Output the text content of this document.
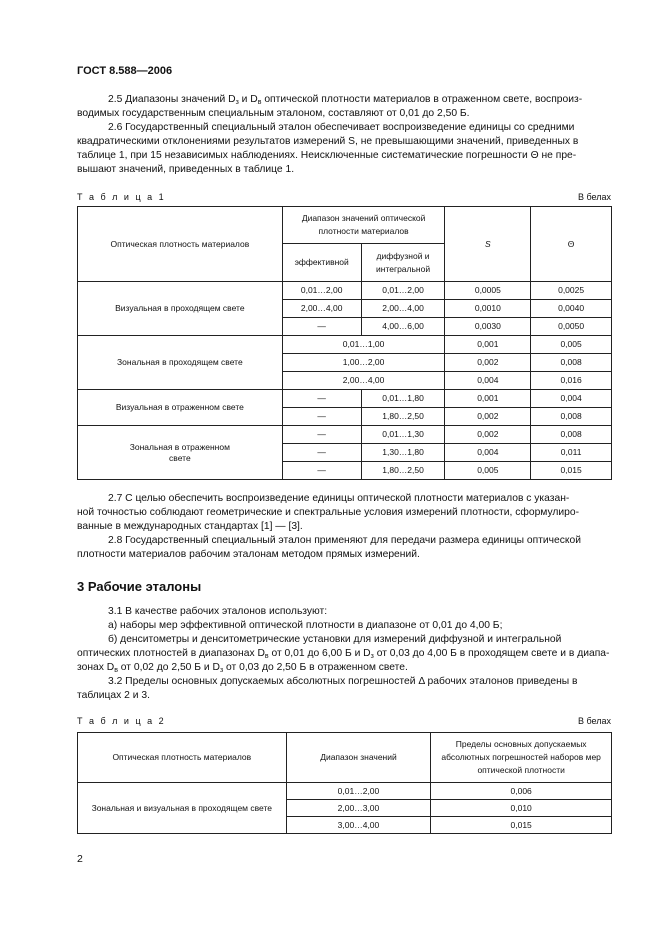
ГОСТ 8.588—2006

2.5 Диапазоны значений $D_з$ и $D_в$ оптической плотности материалов в отраженном свете, воспроиз-

водимых государственным специальным эталоном, составляют от 0,01 до 2,50 Б.

2.6 Государственный специальный эталон обеспечивает воспроизведение единицы со средними

квадратическими отклонениями результатов измерений S, не превышающими значений, приведенных в

таблице 1, при 15 независимых наблюдениях. Неисключенные систематические погрешности Θ не пре-

вышают значений, приведенных в таблице 1.

Т а б л и ц а 1	В белах
Оптическая плотность материалов	Диапазон значений оптической плотности материалов		S	Θ
	эффективной	диффузной и интегральной		
Визуальная в проходящем свете	0,01…2,00	0,01…2,00	0,0005	0,0025
	2,00…4,00	2,00…4,00	0,0010	0,0040
	—	4,00…6,00	0,0030	0,0050
Зональная в проходящем свете	0,01…1,00		0,001	0,005
	1,00…2,00		0,002	0,008
	2,00…4,00		0,004	0,016
Визуальная в отраженном свете	—	0,01…1,80	0,001	0,004
	—	1,80…2,50	0,002	0,008
Зональная в отраженном свете	—	0,01…1,30	0,002	0,008
	—	1,30…1,80	0,004	0,011
	—	1,80…2,50	0,005	0,015

2.7 С целью обеспечить воспроизведение единицы оптической плотности материалов с указан-

ной точностью соблюдают геометрические и спектральные условия измерений плотности, сформулиро-

ванные в международных стандартах [1] — [3].

2.8 Государственный специальный эталон применяют для передачи размера единицы оптической

плотности материалов рабочим эталонам методом прямых измерений.

3 Рабочие эталоны

3.1 В качестве рабочих эталонов используют:

а) наборы мер эффективной оптической плотности в диапазоне от 0,01 до 4,00 Б;

б) денситометры и денситометрические установки для измерений диффузной и интегральной

оптических плотностей в диапазонах $D_в$ от 0,01 до 6,00 Б и $D_з$ от 0,03 до 4,00 Б в проходящем свете и в диапа-

зонах $D_в$ от 0,02 до 2,50 Б и $D_з$ от 0,03 до 2,50 Б в отраженном свете.

3.2 Пределы основных допускаемых абсолютных погрешностей Δ рабочих эталонов приведены в

таблицах 2 и 3.

Т а б л и ц а 2	В белах
Оптическая плотность материалов	Диапазон значений	Пределы основных допускаемых абсолютных погрешностей наборов мер оптической плотности
Зональная и визуальная в проходящем свете	0,01…2,00	0,006
	2,00…3,00	0,010
	3,00…4,00	0,015
2
